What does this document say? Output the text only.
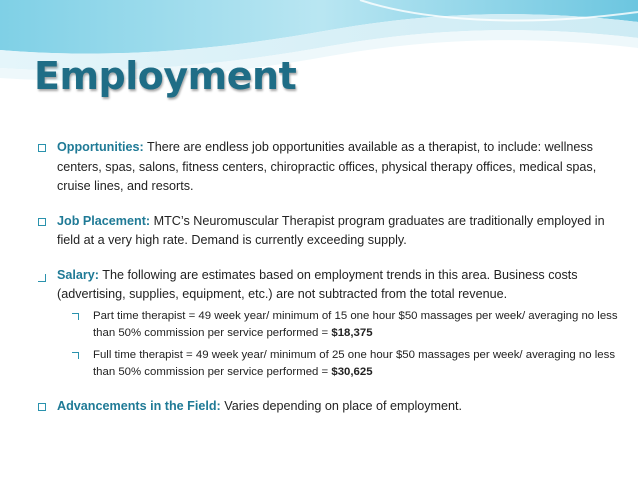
Employment
Opportunities: There are endless job opportunities available as a therapist, to include: wellness centers, spas, salons, fitness centers, chiropractic offices, physical therapy offices, medical spas, cruise lines, and resorts.
Job Placement: MTC’s Neuromuscular Therapist program graduates are traditionally employed in field at a very high rate. Demand is currently exceeding supply.
Salary: The following are estimates based on employment trends in this area. Business costs (advertising, supplies, equipment, etc.) are not subtracted from the total revenue.
Part time therapist = 49 week year/ minimum of 15 one hour $50 massages per week/ averaging no less than 50% commission per service performed = $18,375
Full time therapist = 49 week year/ minimum of 25 one hour $50 massages per week/ averaging no less than 50% commission per service performed = $30,625
Advancements in the Field: Varies depending on place of employment.
